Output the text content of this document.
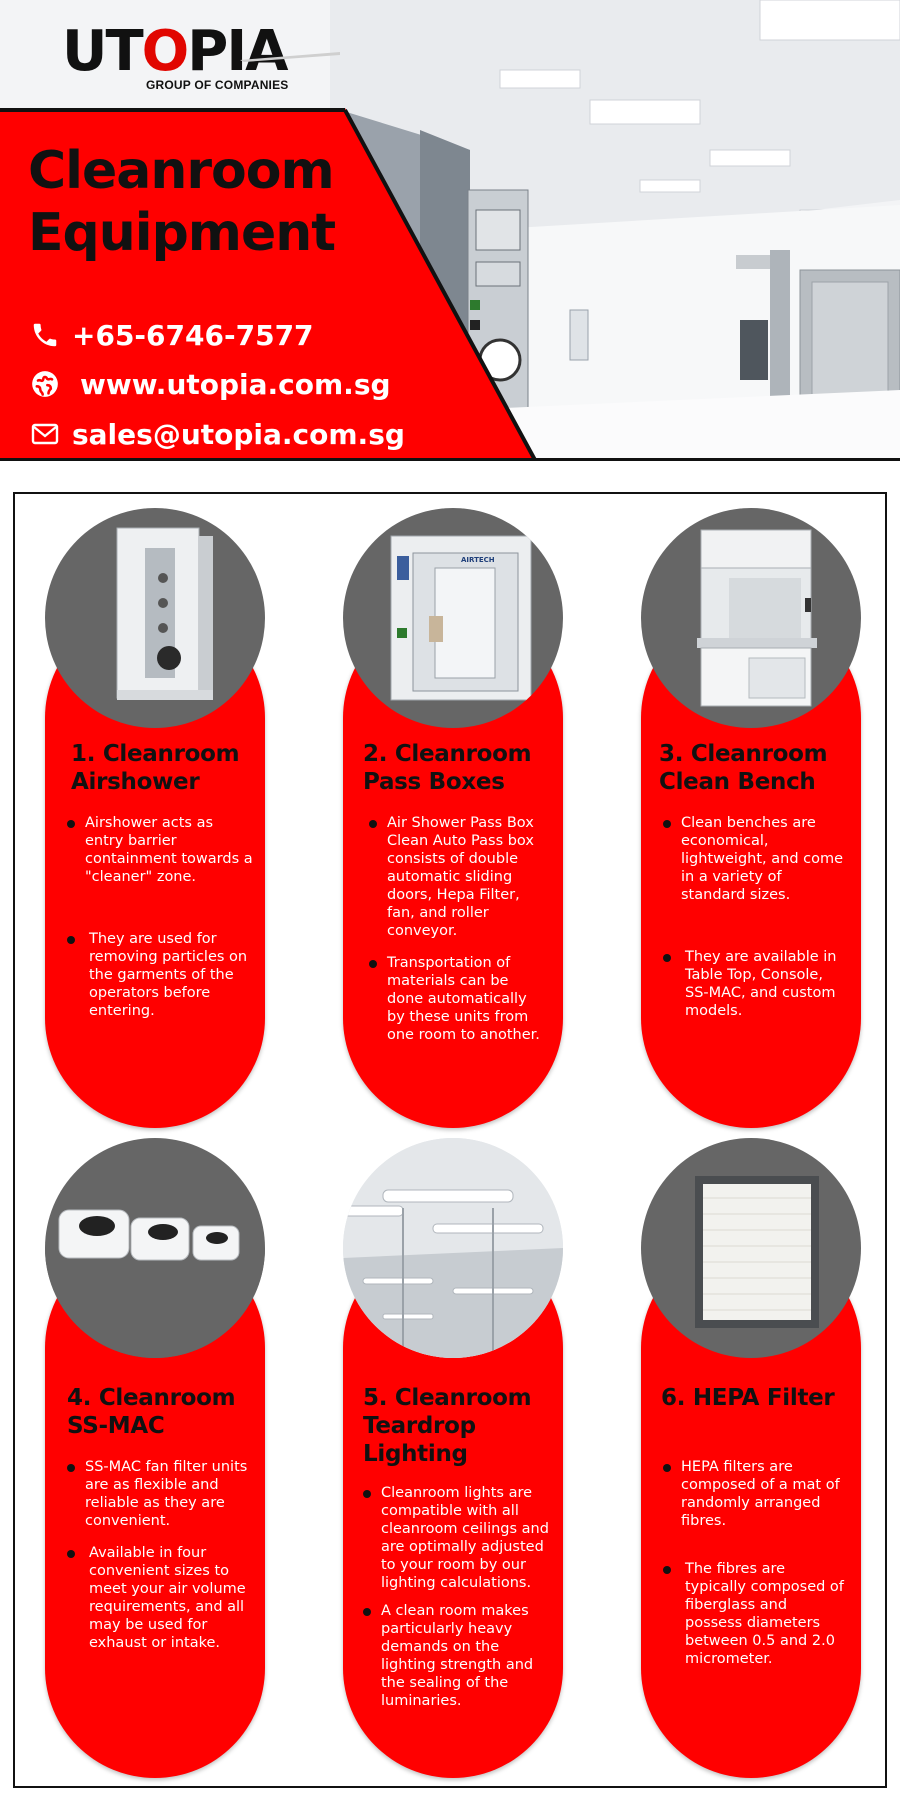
UTOPIA
GROUP OF COMPANIES
Cleanroom
Equipment
+65-6746-7577
www.utopia.com.sg
sales@utopia.com.sg
1. Cleanroom
Airshower
Airshower acts as entry barrier containment towards a "cleaner" zone.
They are used for removing particles on the garments of the operators before entering.
AIRTECH
2. Cleanroom
Pass Boxes
Air Shower Pass Box Clean Auto Pass box consists of double automatic sliding doors, Hepa Filter, fan, and roller conveyor.
Transportation of materials can be done automatically by these units from one room to another.
3. Cleanroom
Clean Bench
Clean benches are economical, lightweight, and come in a variety of standard sizes.
They are available in Table Top, Console, SS-MAC, and custom models.
4. Cleanroom
SS-MAC
SS-MAC fan filter units are as flexible and reliable as they are convenient.
Available in four convenient sizes to meet your air volume requirements, and all may be used for exhaust or intake.
5. Cleanroom
Teardrop
Lighting
Cleanroom lights are compatible with all cleanroom ceilings and are optimally adjusted to your room by our lighting calculations.
A clean room makes particularly heavy demands on the lighting strength and the sealing of the luminaries.
6. HEPA Filter
HEPA filters are composed of a mat of randomly arranged fibres.
The fibres are typically composed of fiberglass and possess diameters between 0.5 and 2.0 micrometer.
